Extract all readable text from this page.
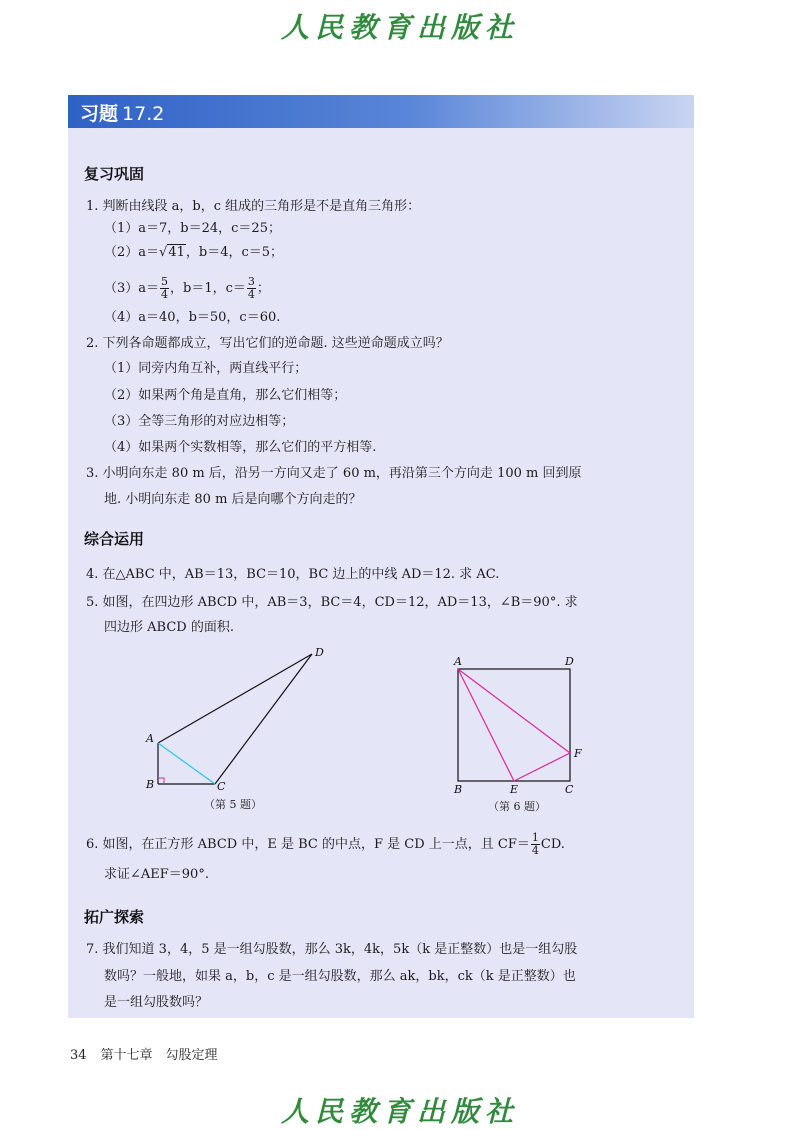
人民教育出版社
习题 17.2
复习巩固
1. 判断由线段 a，b，c 组成的三角形是不是直角三角形：
（1）a＝7，b＝24，c＝25；
（2）a＝√41，b＝4，c＝5；
$(3)a= \frac{5}{4}$ ，b＝1，$c= \frac{3}{4}$ ；
（4）a＝40，b＝50，c＝60.
2. 下列各命题都成立，写出它们的逆命题. 这些逆命题成立吗？
（1）同旁内角互补，两直线平行；
（2）如果两个角是直角，那么它们相等；
（3）全等三角形的对应边相等；
（4）如果两个实数相等，那么它们的平方相等.
3. 小明向东走 80 m 后，沿另一方向又走了 60 m，再沿第三个方向走 100 m 回到原
地. 小明向东走 80 m 后是向哪个方向走的？
综合运用
4. 在△ABC 中，AB＝13，BC＝10，BC 边上的中线 AD＝12. 求 AC.
5. 如图，在四边形 ABCD 中，AB＝3，BC＝4，CD＝12，AD＝13，∠B＝90°. 求
四边形 ABCD 的面积.
A
B	C
D
（第 5 题）
A	D
B	E	C
F
（第 6 题）
6. 如图，在正方形 ABCD 中，E 是 BC 的中点，F 是 CD 上一点，且 $CF= \frac{1}{4}$ CD.
求证∠AEF＝90°.
拓广探索
7. 我们知道 3，4，5 是一组勾股数，那么 3k，4k，5k（k 是正整数）也是一组勾股
数吗？一般地，如果 a，b，c 是一组勾股数，那么 ak，bk，ck（k 是正整数）也
是一组勾股数吗？
34 第十七章　勾股定理
人民教育出版社
